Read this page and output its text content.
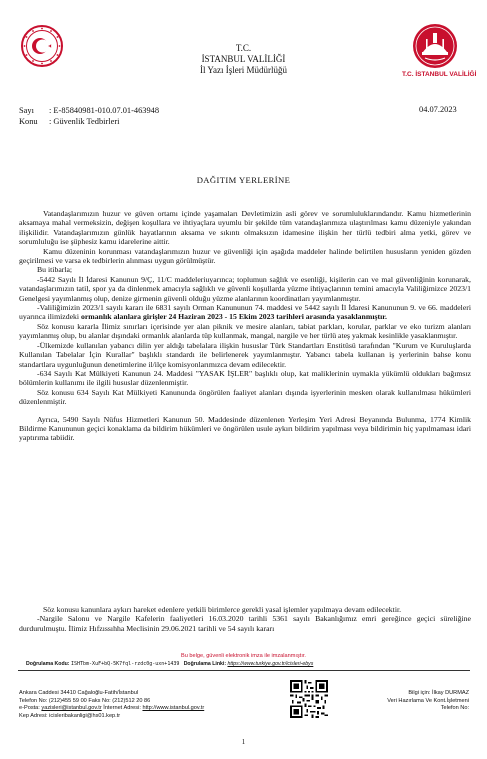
T.C. İSTANBUL VALİLİĞİ
T.C.
İSTANBUL VALİLİĞİ
İl Yazı İşleri Müdürlüğü
Sayı : E-85840981-010.07.01-463948
Konu : Güvenlik Tedbirleri
04.07.2023
DAĞITIM YERLERİNE

Vatandaşlarımızın huzur ve güven ortamı içinde yaşamaları Devletimizin asli görev ve sorumluluklarındandır. Kamu hizmetlerinin aksamaya mahal vermeksizin, değişen koşullara ve ihtiyaçlara uyumlu bir şekilde tüm vatandaşlarımıza ulaştırılması kamu düzeniyle yakından ilişkilidir. Vatandaşlarımızın günlük hayatlarının aksama ve sıkıntı olmaksızın idamesine ilişkin her türlü tedbiri alma yetki, görev ve sorumluluğu ise şüphesiz kamu idarelerine aittir.

Kamu düzeninin korunması vatandaşlarımızın huzur ve güvenliği için aşağıda maddeler halinde belirtilen hususların yeniden gözden geçirilmesi ve varsa ek tedbirlerin alınması uygun görülmüştür.

Bu itibarla;

-5442 Sayılı İl İdaresi Kanunun 9/Ç, 11/C maddeleriuyarınca; toplumun sağlık ve esenliği, kişilerin can ve mal güvenliğinin korunarak, vatandaşlarımızın tatil, spor ya da dinlenmek amacıyla sağlıklı ve güvenli koşullarda yüzme ihtiyaçlarının temini amacıyla Valiliğimizce 2023/1 Genelgesi yayımlanmış olup, denize girmenin güvenli olduğu yüzme alanlarının koordinatları yayımlanmıştır.

-Valiliğimizin 2023/1 sayılı kararı ile 6831 sayılı Orman Kanununun 74. maddesi ve 5442 sayılı İl İdaresi Kanununun 9. ve 66. maddeleri uyarınca ilimizdeki ormanlık alanlara girişler 24 Haziran 2023 - 15 Ekim 2023 tarihleri arasında yasaklanmıştır.

Söz konusu kararla İlimiz sınırları içerisinde yer alan piknik ve mesire alanları, tabiat parkları, korular, parklar ve eko turizm alanları yayımlanmış olup, bu alanlar dışındaki ormanlık alanlarda tüp kullanmak, mangal, nargile ve her türlü ateş yakmak kesinlikle yasaklanmıştır.

-Ülkemizde kullanılan yabancı dilin yer aldığı tabelalara ilişkin hususlar Türk Standartları Enstitüsü tarafından "Kurum ve Kuruluşlarda Kullanılan Tabelalar İçin Kurallar" başlıklı standardı ile belirlenerek yayımlanmıştır. Yabancı tabela kullanan iş yerlerinin bahse konu standartlara uygunluğunun denetimlerine il/ilçe komisyonlarımızca devam edilecektir.

-634 Sayılı Kat Mülkiyeti Kanunun 24. Maddesi "YASAK İŞLER" başlıklı olup, kat maliklerinin uymakla yükümlü oldukları bağımsız bölümlerin kullanımı ile ilgili hususlar düzenlenmiştir.

Söz konusu 634 Sayılı Kat Mülkiyeti Kanununda öngörülen faaliyet alanları dışında işyerlerinin mesken olarak kullanılması hükümleri düzenlenmiştir.

Ayrıca, 5490 Sayılı Nüfus Hizmetleri Kanunun 50. Maddesinde düzenlenen Yerleşim Yeri Adresi Beyanında Bulunma, 1774 Kimlik Bildirme Kanununun geçici konaklama da bildirim hükümleri ve öngörülen usule aykırı bildirim yapılması veya bildirimin hiç yapılmaması idari yaptırıma tabiidir.

Söz konusu kanunlara aykırı hareket edenlere yetkili birimlerce gerekli yasal işlemler yapılmaya devam edilecektir.

-Nargile Salonu ve Nargile Kafelerin faaliyetleri 16.03.2020 tarihli 5361 sayılı Bakanlığımız emri gereğince geçici süreliğine durdurulmuştu. İlimiz Hıfzıssıhha Meclisinin 29.06.2021 tarihli ve 54 sayılı kararı

Bu belge, güvenli elektronik imza ile imzalanmıştır.
Doğrulama Kodu: ISHTbm-XuF+bQ-5K7fql-rzdc0g-uxn+1439 Doğrulama Linki: https://www.turkiye.gov.tr/icisleri-ebys
Ankara Caddesi 34410 Cağaloğlu-Fatih/İstanbul
Telefon No: (212)455 59 00 Faks No: (212)512 20 86
e-Posta: yazisleri@istanbul.gov.tr İnternet Adresi: http://www.istanbul.gov.tr
Kep Adresi: icisleribakanligi@hs01.kep.tr
Bilgi için: İlkay DURMAZ
Veri Hazırlama Ve Kont.İşletmeni
Telefon No:
1
